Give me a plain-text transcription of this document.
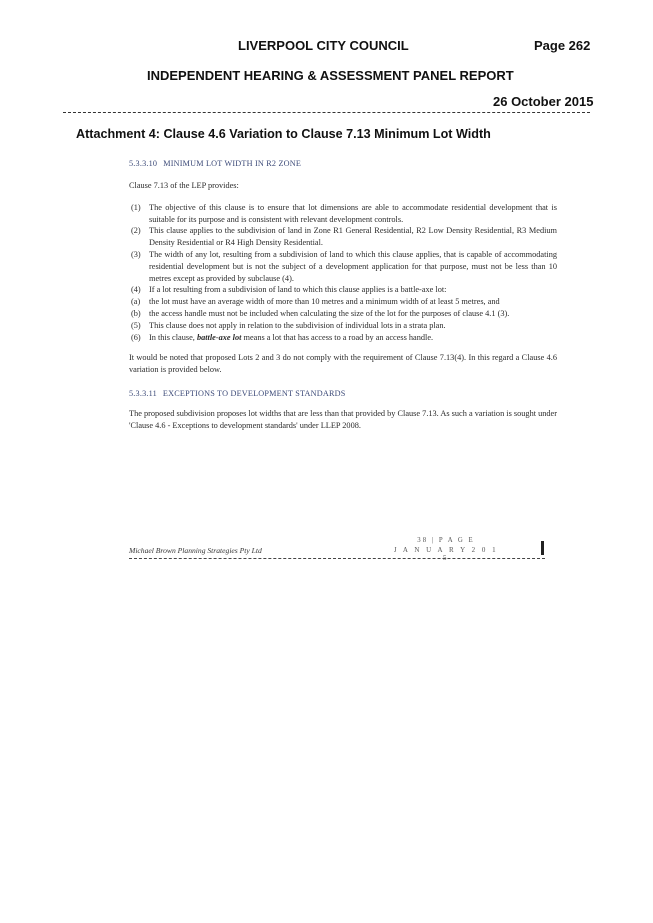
LIVERPOOL CITY COUNCIL	Page 262
INDEPENDENT HEARING & ASSESSMENT PANEL REPORT
26 October 2015
Attachment 4: Clause 4.6 Variation to Clause 7.13 Minimum Lot Width
5.3.3.10 MINIMUM LOT WIDTH IN R2 ZONE

Clause 7.13 of the LEP provides:

(1)	The objective of this clause is to ensure that lot dimensions are able to accommodate residential development that is suitable for its purpose and is consistent with relevant development controls.
(2)	This clause applies to the subdivision of land in Zone R1 General Residential, R2 Low Density Residential, R3 Medium Density Residential or R4 High Density Residential.
(3)	The width of any lot, resulting from a subdivision of land to which this clause applies, that is capable of accommodating residential development but is not the subject of a development application for that purpose, must not be less than 10 metres except as provided by subclause (4).
(4)	If a lot resulting from a subdivision of land to which this clause applies is a battle-axe lot:
(a)	the lot must have an average width of more than 10 metres and a minimum width of at least 5 metres, and
(b)	the access handle must not be included when calculating the size of the lot for the purposes of clause 4.1 (3).
(5)	This clause does not apply in relation to the subdivision of individual lots in a strata plan.
(6)	In this clause, battle-axe lot means a lot that has access to a road by an access handle.

It would be noted that proposed Lots 2 and 3 do not comply with the requirement of Clause 7.13(4). In this regard a Clause 4.6 variation is provided below.

5.3.3.11 EXCEPTIONS TO DEVELOPMENT STANDARDS

The proposed subdivision proposes lot widths that are less than that provided by Clause 7.13. As such a variation is sought under 'Clause 4.6 - Exceptions to development standards' under LLEP 2008.

Michael Brown Planning Strategies Pty Ltd
38 | P A G E
J A N U A R Y 2 0 1 5
